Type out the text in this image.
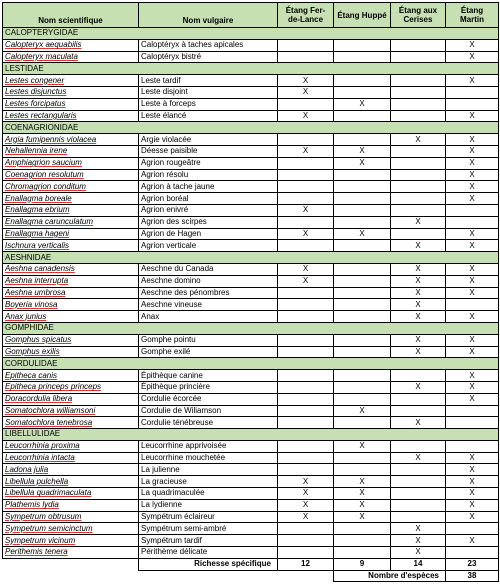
Nom scientifique	Nom vulgaire	Étang Fer-de-Lance	Étang Huppé	Étang aux Cerises	Étang Martin
CALOPTERYGIDAE					
Calopteryx aequabilis	Caloptéryx à taches apicales				X
Calopteryx maculata	Caloptéryx bistré				X
LESTIDAE					
Lestes congener	Leste tardif	X			X
Lestes disjunctus	Leste disjoint	X			
Lestes forcipatus	Leste à forceps		X		
Lestes rectangularis	Leste élancé	X			X
COENAGRIONIDAE					
Argia fumipennis violacea	Argie violacée			X	X
Nehallennia irene	Déesse paisible	X	X		X
Amphiagrion saucium	Agrion rougeâtre		X		X
Coenagrion resolutum	Agrion résolu				X
Chromagrion conditum	Agrion à tache jaune				X
Enallagma boreale	Agrion boréal				X
Enallagma ebrium	Agrion enivré	X			
Enallagma carunculatum	Agrion des scirpes			X	
Enallagma hageni	Agrion de Hagen	X	X		X
Ischnura verticalis	Agrion verticale			X	X
AESHNIDAE					
Aeshna canadensis	Aeschne du Canada	X		X	X
Aeshna interrupta	Aeschne domino	X		X	X
Aeshna umbrosa	Aeschne des pénombres			X	X
Boyeria vinosa	Aeschne vineuse			X	
Anax junius	Anax			X	X
GOMPHIDAE					
Gomphus spicatus	Gomphe pointu			X	X
Gomphus exilis	Gomphe exilé			X	X
CORDULIDAE					
Epitheca canis	Épithèque canine				X
Epitheca princeps princeps	Épithèque princière			X	X
Doracordulia libera	Cordulie écorcée				X
Somatochlora williamsoni	Cordulie de Wiliamson		X		
Somatochlora tenebrosa	Cordulie ténébreuse			X	
LIBELLULIDAE					
Leucorrhinia proxima	Leucorrhine apprivoisée		X		
Leucorrhinia intacta	Leucorrhine mouchetée			X	X
Ladona julia	La julienne				X
Libellula pulchella	La gracieuse	X	X		X
Libellula quadrimaculata	La quadrimaculée	X	X		X
Plathemis lydia	La lydienne	X	X		X
Sympetrum obtrusum	Sympétrum éclaireur	X	X		X
Sympetrum semicinctum	Sympétrum semi-ambré			X	
Sympetrum vicinum	Sympétrum tardif			X	X
Perithemis tenera	Périthème délicate			X	
	Richesse spécifique	12	9	14	23
			Nombre d'espèces		38
